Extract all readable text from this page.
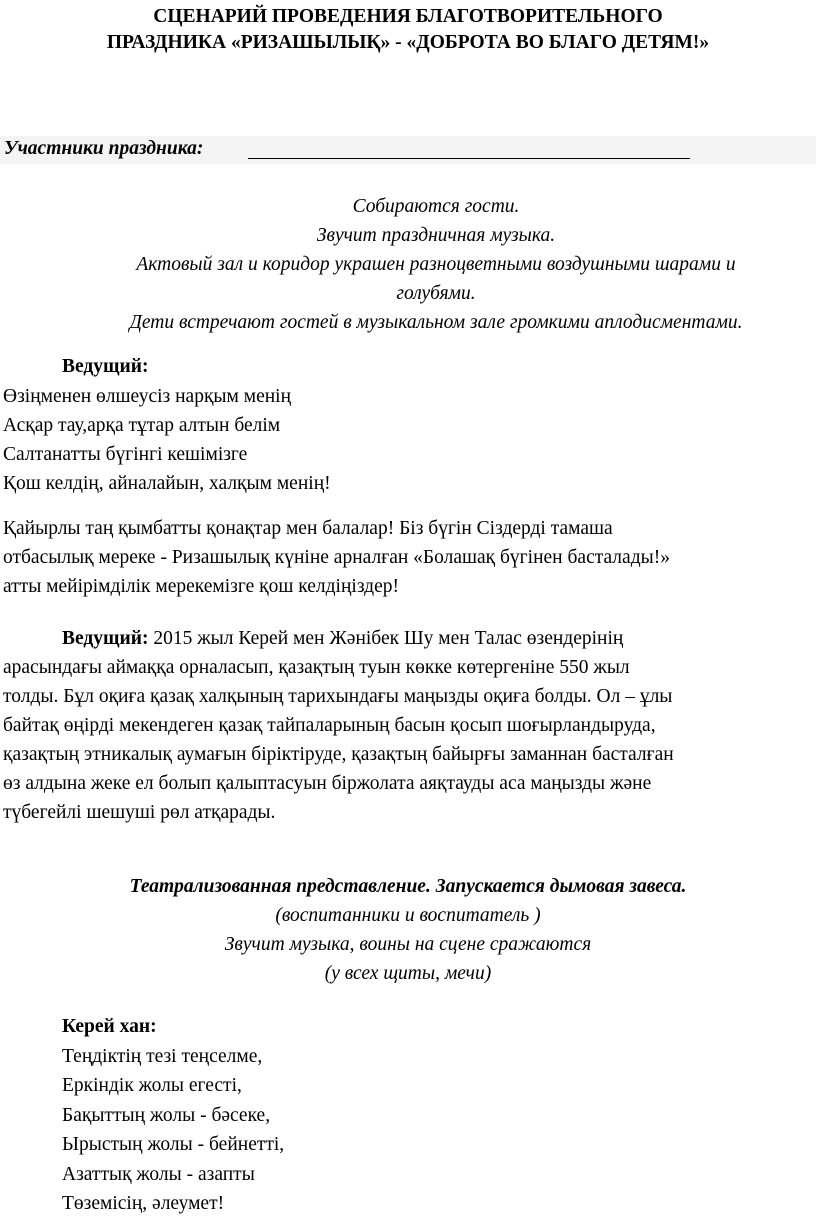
СЦЕНАРИЙ ПРОВЕДЕНИЯ БЛАГОТВОРИТЕЛЬНОГО
ПРАЗДНИКА «РИЗАШЫЛЫҚ» - «ДОБРОТА ВО БЛАГО ДЕТЯМ!»
Участники праздника:
Собираются гости.
Звучит праздничная музыка.
Актовый зал и коридор украшен разноцветными воздушными шарами и
голубями.
Дети встречают гостей в музыкальном зале громкими аплодисментами.
Ведущий:
Өзіңменен өлшеусіз нарқым менің
Асқар тау,арқа тұтар алтын белім
Салтанатты бүгінгі кешімізге
Қош келдің, айналайын, халқым менің!
Қайырлы таң қымбатты қонақтар мен балалар! Біз бүгін Сіздерді тамаша
отбасылық мереке - Ризашылық күніне арналған «Болашақ бүгінен басталады!»
атты мейірімділік мерекемізге қош келдіңіздер!
Ведущий: 2015 жыл Керей мен Жәнібек Шу мен Талас өзендерінің
арасындағы аймаққа орналасып, қазақтың туын көкке көтергеніне 550 жыл
толды. Бұл оқиға қазақ халқының тарихындағы маңызды оқиға болды. Ол – ұлы
байтақ өңірді мекендеген қазақ тайпаларының басын қосып шоғырландыруда,
қазақтың этникалық аумағын біріктіруде, қазақтың байырғы заманнан басталған
өз алдына жеке ел болып қалыптасуын біржолата аяқтауды аса маңызды және
түбегейлі шешуші рөл атқарады.
Театрализованная представление. Запускается дымовая завеса.
(воспитанники и воспитатель )
Звучит музыка, воины на сцене сражаются
(у всех щиты, мечи)
Керей хан:
Теңдіктің тезі теңселме,
Еркіндік жолы егесті,
Бақыттың жолы - бәсеке,
Ырыстың жолы - бейнетті,
Азаттық жолы - азапты
Төземісің, әлеумет!
